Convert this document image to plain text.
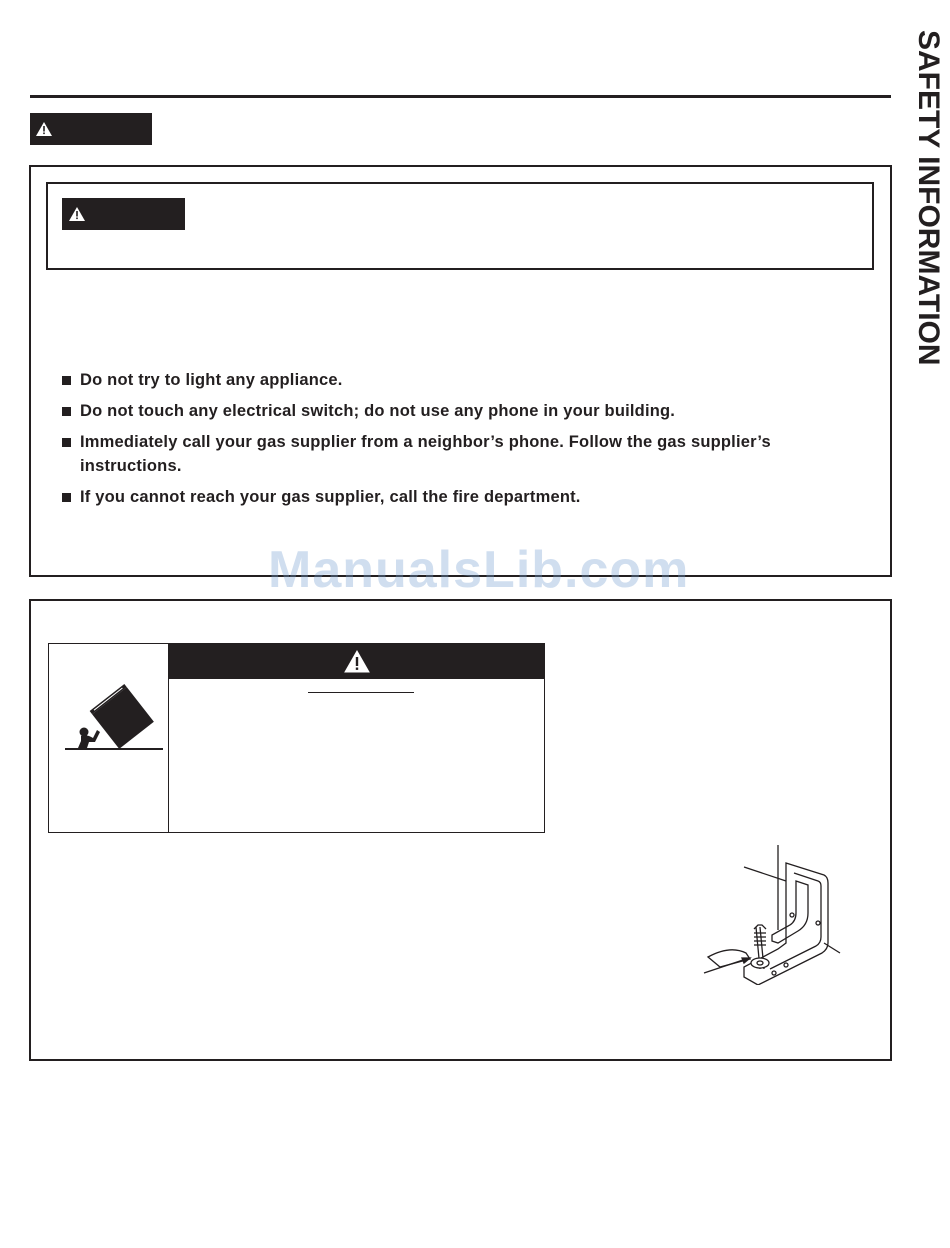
SAFETY INFORMATION
Do not try to light any appliance.
Do not touch any electrical switch; do not use any phone in your building.
Immediately call your gas supplier from a neighbor’s phone. Follow the gas supplier’s instructions.
If you cannot reach your gas supplier, call the fire department.
ManualsLib.com
